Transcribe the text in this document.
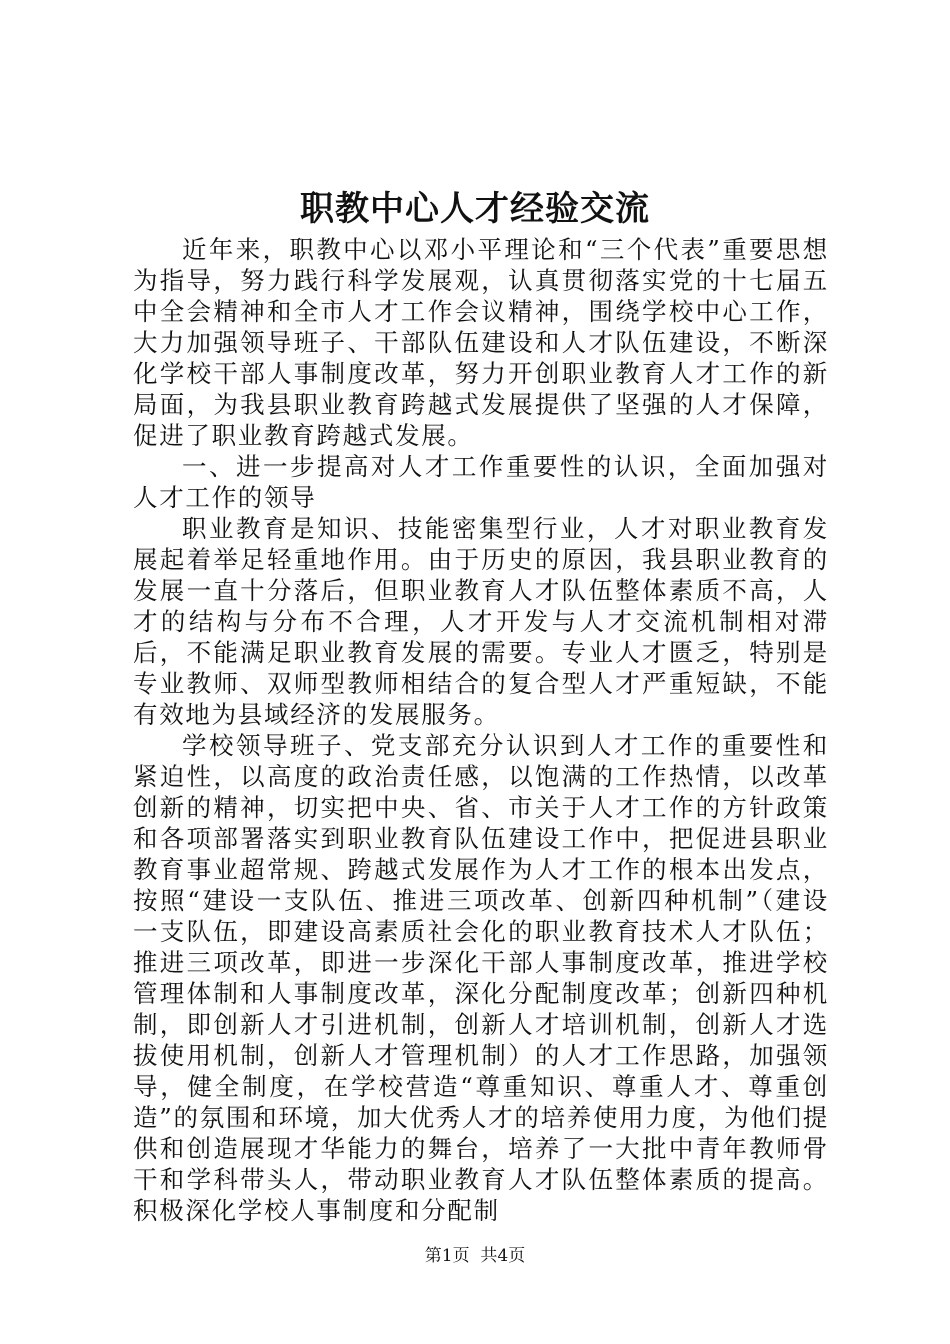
职教中心人才经验交流

近年来，职教中心以邓小平理论和“三个代表”重要思想为指导，努力践行科学发展观，认真贯彻落实党的十七届五中全会精神和全市人才工作会议精神，围绕学校中心工作，大力加强领导班子、干部队伍建设和人才队伍建设，不断深化学校干部人事制度改革，努力开创职业教育人才工作的新局面，为我县职业教育跨越式发展提供了坚强的人才保障，促进了职业教育跨越式发展。

一、进一步提高对人才工作重要性的认识，全面加强对人才工作的领导

职业教育是知识、技能密集型行业，人才对职业教育发展起着举足轻重地作用。由于历史的原因，我县职业教育的发展一直十分落后，但职业教育人才队伍整体素质不高，人才的结构与分布不合理，人才开发与人才交流机制相对滞后，不能满足职业教育发展的需要。专业人才匮乏，特别是专业教师、双师型教师相结合的复合型人才严重短缺，不能有效地为县域经济的发展服务。

学校领导班子、党支部充分认识到人才工作的重要性和紧迫性，以高度的政治责任感，以饱满的工作热情，以改革创新的精神，切实把中央、省、市关于人才工作的方针政策和各项部署落实到职业教育队伍建设工作中，把促进县职业教育事业超常规、跨越式发展作为人才工作的根本出发点，按照“建设一支队伍、推进三项改革、创新四种机制”（建设一支队伍，即建设高素质社会化的职业教育技术人才队伍；推进三项改革，即进一步深化干部人事制度改革，推进学校管理体制和人事制度改革，深化分配制度改革；创新四种机制，即创新人才引进机制，创新人才培训机制，创新人才选拔使用机制，创新人才管理机制）的人才工作思路，加强领导，健全制度，在学校营造“尊重知识、尊重人才、尊重创造”的氛围和环境，加大优秀人才的培养使用力度，为他们提供和创造展现才华能力的舞台，培养了一大批中青年教师骨干和学科带头人，带动职业教育人才队伍整体素质的提高。积极深化学校人事制度和分配制

第1页  共4页
